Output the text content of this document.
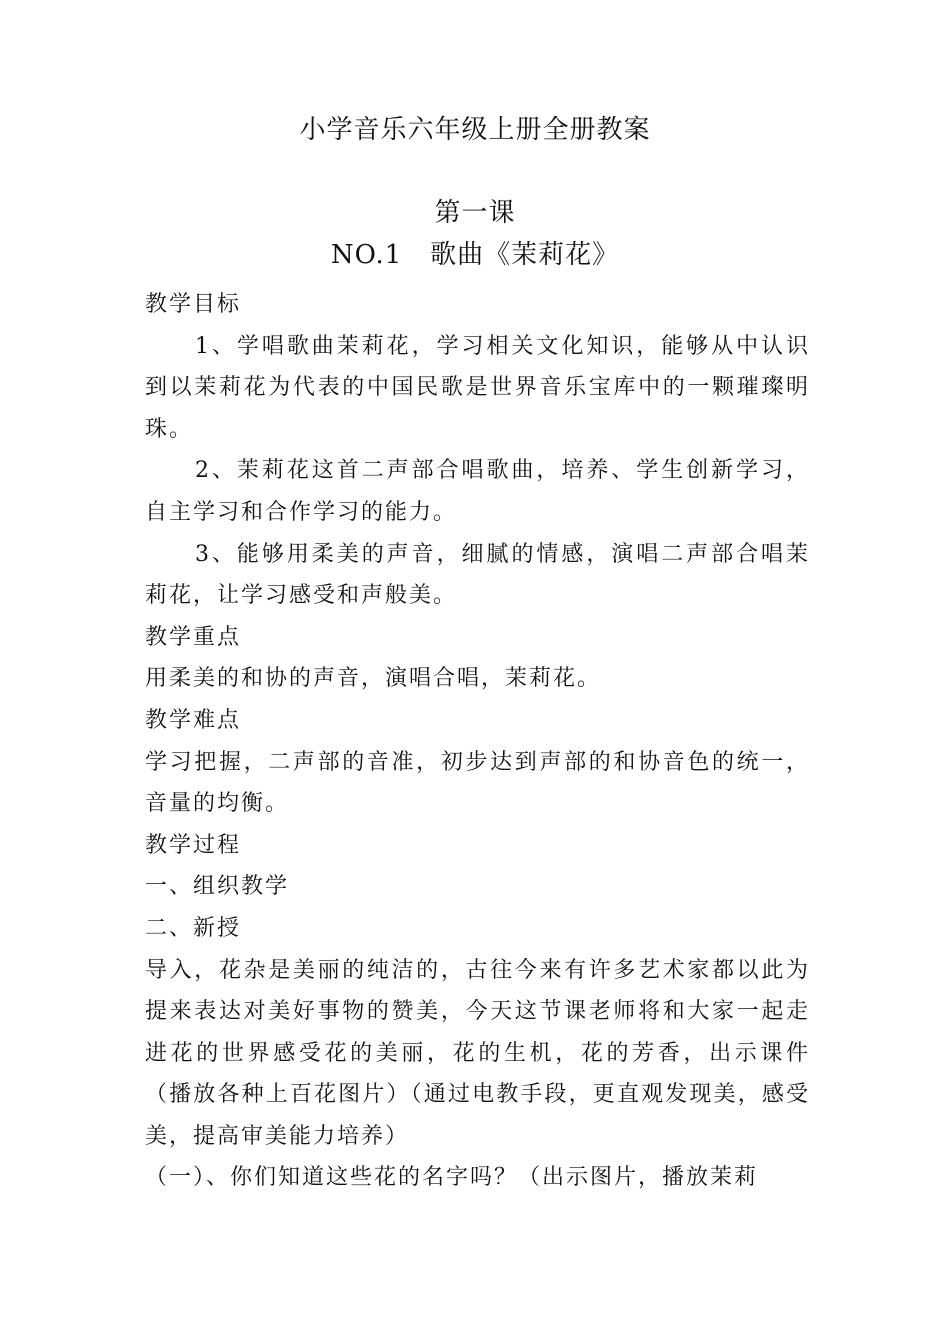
小学音乐六年级上册全册教案
第一课
NO.1   歌曲《茉莉花》

教学目标

1、学唱歌曲茉莉花，学习相关文化知识，能够从中认识到以茉莉花为代表的中国民歌是世界音乐宝库中的一颗璀璨明珠。

2、茉莉花这首二声部合唱歌曲，培养、学生创新学习，自主学习和合作学习的能力。

3、能够用柔美的声音，细腻的情感，演唱二声部合唱茉莉花，让学习感受和声般美。

教学重点

用柔美的和协的声音，演唱合唱，茉莉花。

教学难点

学习把握，二声部的音准，初步达到声部的和协音色的统一，音量的均衡。

教学过程

一、组织教学

二、新授

导入，花杂是美丽的纯洁的，古往今来有许多艺术家都以此为提来表达对美好事物的赞美，今天这节课老师将和大家一起走进花的世界感受花的美丽，花的生机，花的芳香，出示课件（播放各种上百花图片）（通过电教手段，更直观发现美，感受美，提高审美能力培养）

（一）、你们知道这些花的名字吗？（出示图片，播放茉莉
